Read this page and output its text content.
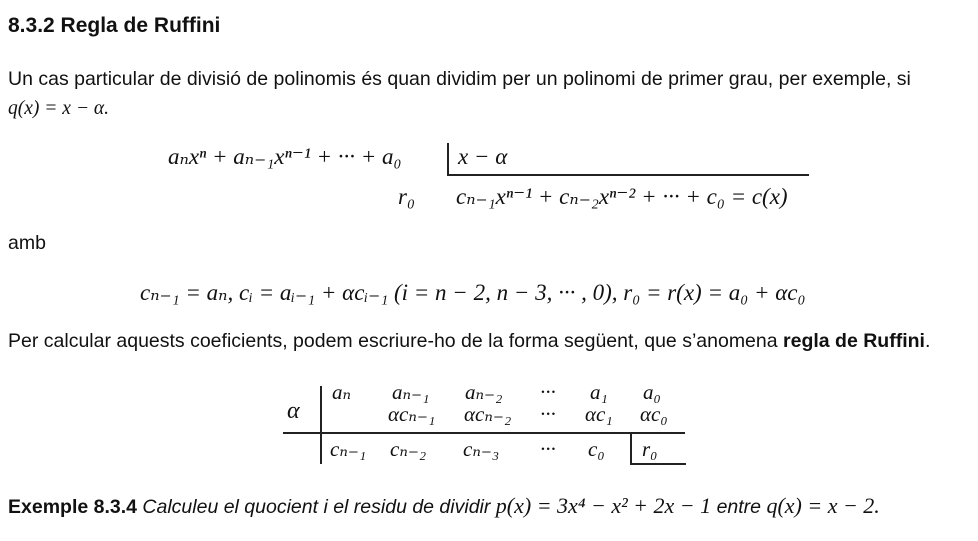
8.3.2 Regla de Ruffini

Un cas particular de divisió de polinomis és quan dividim per un polinomi de primer grau, per exemple, si

q(x) = x − α.

aₙxⁿ + aₙ₋₁xⁿ⁻¹ + ··· + a₀ x − α
r₀ cₙ₋₁xⁿ⁻¹ + cₙ₋₂xⁿ⁻² + ··· + c₀ = c(x)
amb
cₙ₋₁ = aₙ, cᵢ = aᵢ₋₁ + αcᵢ₋₁ (i = n − 2, n − 3, ··· , 0), r₀ = r(x) = a₀ + αc₀
Per calcular aquests coeficients, podem escriure-ho de la forma següent, que s’anomena regla de Ruffini.
α
aₙ aₙ₋₁ aₙ₋₂ ··· a₁ a₀
αcₙ₋₁ αcₙ₋₂ ··· αc₁ αc₀
cₙ₋₁ cₙ₋₂ cₙ₋₃ ··· c₀ r₀
Exemple 8.3.4 Calculeu el quocient i el residu de dividir p(x) = 3x⁴ − x² + 2x − 1 entre q(x) = x − 2.
